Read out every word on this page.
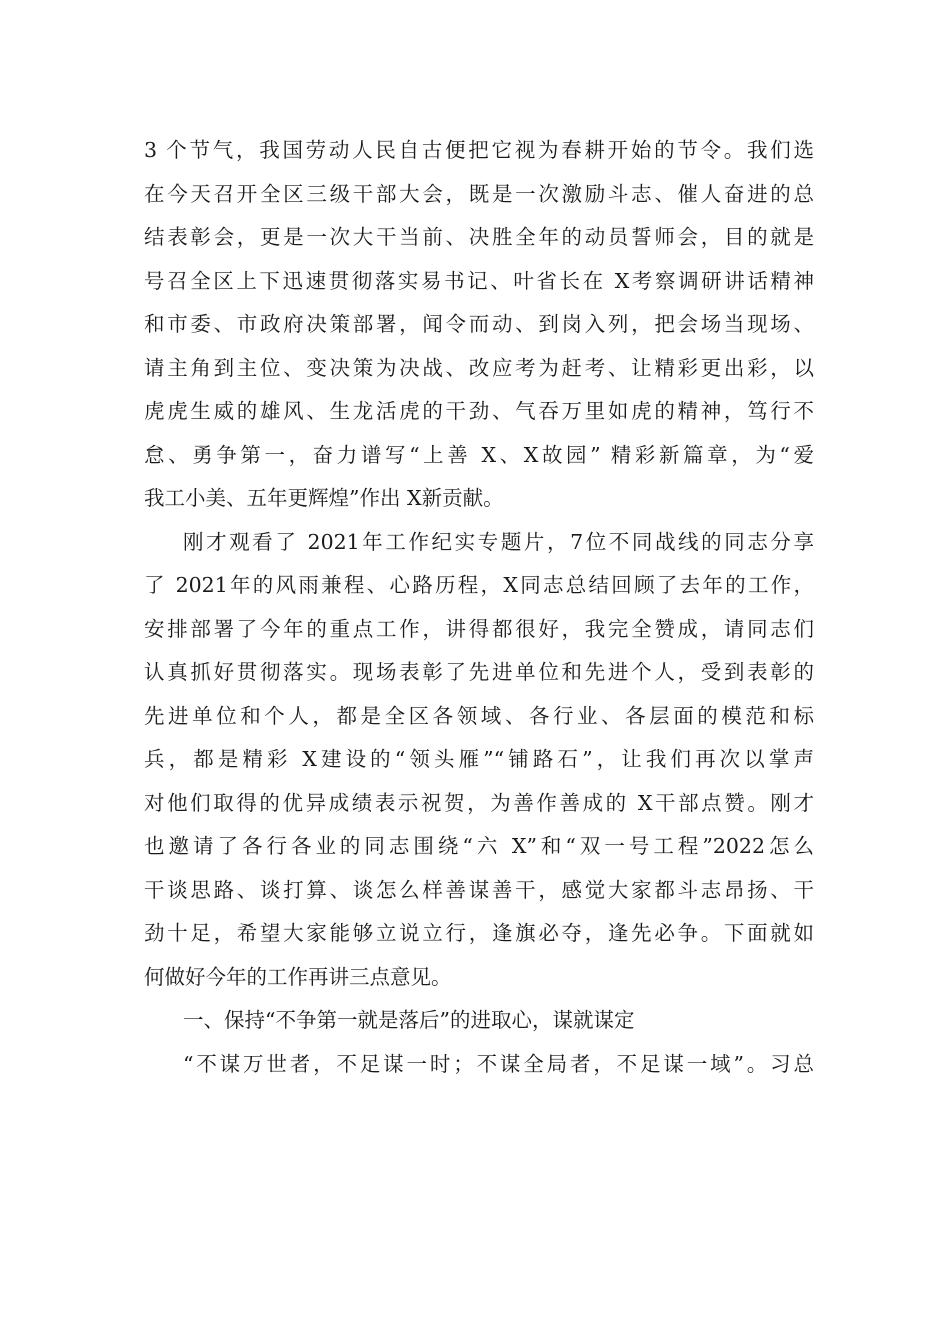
3 个节气，我国劳动人民自古便把它视为春耕开始的节令。我们选
在今天召开全区三级干部大会，既是一次激励斗志、催人奋进的总
结表彰会，更是一次大干当前、决胜全年的动员誓师会，目的就是
号召全区上下迅速贯彻落实易书记、叶省长在 X考察调研讲话精神
和市委、市政府决策部署，闻令而动、到岗入列，把会场当现场、
请主角到主位、变决策为决战、改应考为赶考、让精彩更出彩，以
虎虎生威的雄风、生龙活虎的干劲、气吞万里如虎的精神，笃行不
怠、勇争第一，奋力谱写“上善 X、X故园” 精彩新篇章，为“爱
我工小美、五年更辉煌”作出 X新贡献。
刚才观看了 2021年工作纪实专题片，7位不同战线的同志分享
了 2021年的风雨兼程、心路历程，X同志总结回顾了去年的工作，
安排部署了今年的重点工作，讲得都很好，我完全赞成，请同志们
认真抓好贯彻落实。现场表彰了先进单位和先进个人，受到表彰的
先进单位和个人，都是全区各领域、各行业、各层面的模范和标
兵，都是精彩 X建设的“领头雁”“铺路石”，让我们再次以掌声
对他们取得的优异成绩表示祝贺，为善作善成的 X干部点赞。刚才
也邀请了各行各业的同志围绕“六 X”和“双一号工程”2022怎么
干谈思路、谈打算、谈怎么样善谋善干，感觉大家都斗志昂扬、干
劲十足，希望大家能够立说立行，逢旗必夺，逢先必争。下面就如
何做好今年的工作再讲三点意见。
一、保持“不争第一就是落后”的进取心，谋就谋定
“不谋万世者，不足谋一时；不谋全局者，不足谋一域”。习总
